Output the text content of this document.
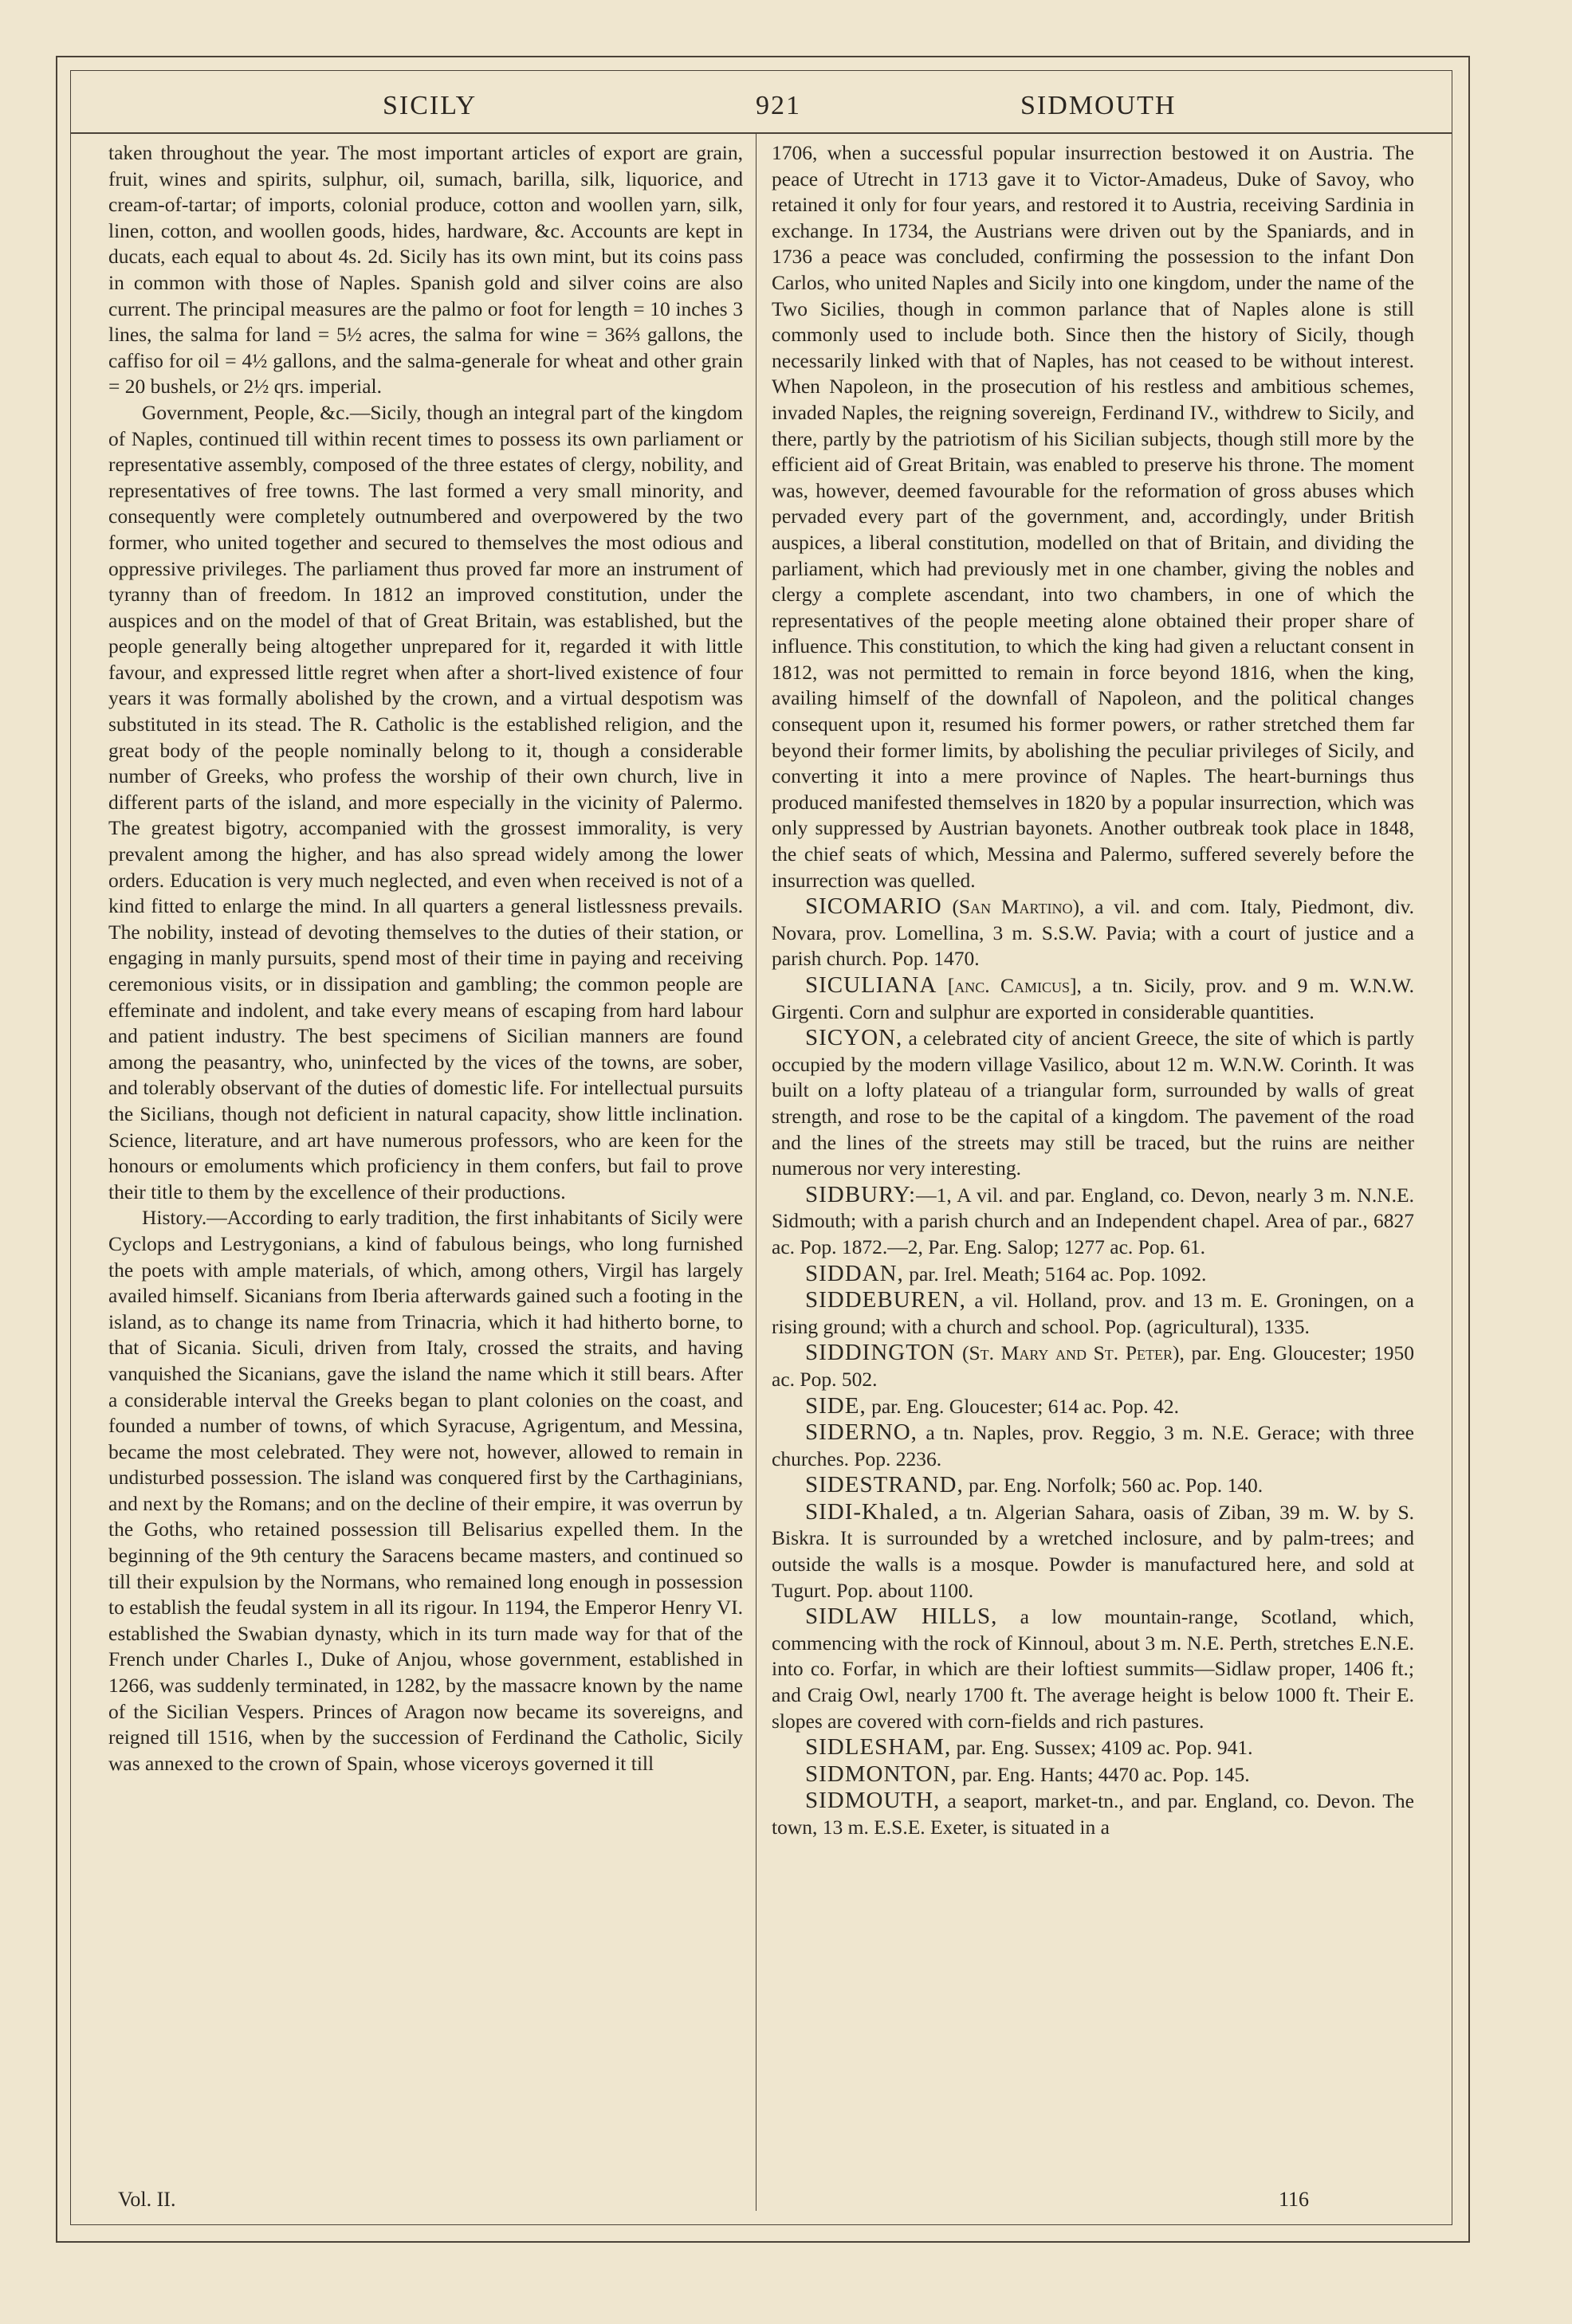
SICILY	921	SIDMOUTH

taken throughout the year. The most important articles of export are grain, fruit, wines and spirits, sulphur, oil, sumach, barilla, silk, liquorice, and cream-of-tartar; of imports, colonial produce, cotton and woollen yarn, silk, linen, cotton, and woollen goods, hides, hardware, &c. Accounts are kept in ducats, each equal to about 4s. 2d. Sicily has its own mint, but its coins pass in common with those of Naples. Spanish gold and silver coins are also current. The principal measures are the palmo or foot for length = 10 inches 3 lines, the salma for land = 5½ acres, the salma for wine = 36⅔ gallons, the caffiso for oil = 4½ gallons, and the salma-generale for wheat and other grain = 20 bushels, or 2½ qrs. imperial.

Government, People, &c.—Sicily, though an integral part of the kingdom of Naples, continued till within recent times to possess its own parliament or representative assembly, composed of the three estates of clergy, nobility, and representatives of free towns. The last formed a very small minority, and consequently were completely outnumbered and overpowered by the two former, who united together and secured to themselves the most odious and oppressive privileges. The parliament thus proved far more an instrument of tyranny than of freedom. In 1812 an improved constitution, under the auspices and on the model of that of Great Britain, was established, but the people generally being altogether unprepared for it, regarded it with little favour, and expressed little regret when after a short-lived existence of four years it was formally abolished by the crown, and a virtual despotism was substituted in its stead. The R. Catholic is the established religion, and the great body of the people nominally belong to it, though a considerable number of Greeks, who profess the worship of their own church, live in different parts of the island, and more especially in the vicinity of Palermo. The greatest bigotry, accompanied with the grossest immorality, is very prevalent among the higher, and has also spread widely among the lower orders. Education is very much neglected, and even when received is not of a kind fitted to enlarge the mind. In all quarters a general listlessness prevails. The nobility, instead of devoting themselves to the duties of their station, or engaging in manly pursuits, spend most of their time in paying and receiving ceremonious visits, or in dissipation and gambling; the common people are effeminate and indolent, and take every means of escaping from hard labour and patient industry. The best specimens of Sicilian manners are found among the peasantry, who, uninfected by the vices of the towns, are sober, and tolerably observant of the duties of domestic life. For intellectual pursuits the Sicilians, though not deficient in natural capacity, show little inclination. Science, literature, and art have numerous professors, who are keen for the honours or emoluments which proficiency in them confers, but fail to prove their title to them by the excellence of their productions.

History.—According to early tradition, the first inhabitants of Sicily were Cyclops and Lestrygonians, a kind of fabulous beings, who long furnished the poets with ample materials, of which, among others, Virgil has largely availed himself. Sicanians from Iberia afterwards gained such a footing in the island, as to change its name from Trinacria, which it had hitherto borne, to that of Sicania. Siculi, driven from Italy, crossed the straits, and having vanquished the Sicanians, gave the island the name which it still bears. After a considerable interval the Greeks began to plant colonies on the coast, and founded a number of towns, of which Syracuse, Agrigentum, and Messina, became the most celebrated. They were not, however, allowed to remain in undisturbed possession. The island was conquered first by the Carthaginians, and next by the Romans; and on the decline of their empire, it was overrun by the Goths, who retained possession till Belisarius expelled them. In the beginning of the 9th century the Saracens became masters, and continued so till their expulsion by the Normans, who remained long enough in possession to establish the feudal system in all its rigour. In 1194, the Emperor Henry VI. established the Swabian dynasty, which in its turn made way for that of the French under Charles I., Duke of Anjou, whose government, established in 1266, was suddenly terminated, in 1282, by the massacre known by the name of the Sicilian Vespers. Princes of Aragon now became its sovereigns, and reigned till 1516, when by the succession of Ferdinand the Catholic, Sicily was annexed to the crown of Spain, whose viceroys governed it till

1706, when a successful popular insurrection bestowed it on Austria. The peace of Utrecht in 1713 gave it to Victor-Amadeus, Duke of Savoy, who retained it only for four years, and restored it to Austria, receiving Sardinia in exchange. In 1734, the Austrians were driven out by the Spaniards, and in 1736 a peace was concluded, confirming the possession to the infant Don Carlos, who united Naples and Sicily into one kingdom, under the name of the Two Sicilies, though in common parlance that of Naples alone is still commonly used to include both. Since then the history of Sicily, though necessarily linked with that of Naples, has not ceased to be without interest. When Napoleon, in the prosecution of his restless and ambitious schemes, invaded Naples, the reigning sovereign, Ferdinand IV., withdrew to Sicily, and there, partly by the patriotism of his Sicilian subjects, though still more by the efficient aid of Great Britain, was enabled to preserve his throne. The moment was, however, deemed favourable for the reformation of gross abuses which pervaded every part of the government, and, accordingly, under British auspices, a liberal constitution, modelled on that of Britain, and dividing the parliament, which had previously met in one chamber, giving the nobles and clergy a complete ascendant, into two chambers, in one of which the representatives of the people meeting alone obtained their proper share of influence. This constitution, to which the king had given a reluctant consent in 1812, was not permitted to remain in force beyond 1816, when the king, availing himself of the downfall of Napoleon, and the political changes consequent upon it, resumed his former powers, or rather stretched them far beyond their former limits, by abolishing the peculiar privileges of Sicily, and converting it into a mere province of Naples. The heart-burnings thus produced manifested themselves in 1820 by a popular insurrection, which was only suppressed by Austrian bayonets. Another outbreak took place in 1848, the chief seats of which, Messina and Palermo, suffered severely before the insurrection was quelled.

SICOMARIO (San Martino), a vil. and com. Italy, Piedmont, div. Novara, prov. Lomellina, 3 m. S.S.W. Pavia; with a court of justice and a parish church. Pop. 1470.

SICULIANA [anc. Camicus], a tn. Sicily, prov. and 9 m. W.N.W. Girgenti. Corn and sulphur are exported in considerable quantities.

SICYON, a celebrated city of ancient Greece, the site of which is partly occupied by the modern village Vasilico, about 12 m. W.N.W. Corinth. It was built on a lofty plateau of a triangular form, surrounded by walls of great strength, and rose to be the capital of a kingdom. The pavement of the road and the lines of the streets may still be traced, but the ruins are neither numerous nor very interesting.

SIDBURY:—1, A vil. and par. England, co. Devon, nearly 3 m. N.N.E. Sidmouth; with a parish church and an Independent chapel. Area of par., 6827 ac. Pop. 1872.—2, Par. Eng. Salop; 1277 ac. Pop. 61.

SIDDAN, par. Irel. Meath; 5164 ac. Pop. 1092.

SIDDEBUREN, a vil. Holland, prov. and 13 m. E. Groningen, on a rising ground; with a church and school. Pop. (agricultural), 1335.

SIDDINGTON (St. Mary and St. Peter), par. Eng. Gloucester; 1950 ac. Pop. 502.

SIDE, par. Eng. Gloucester; 614 ac. Pop. 42.

SIDERNO, a tn. Naples, prov. Reggio, 3 m. N.E. Gerace; with three churches. Pop. 2236.

SIDESTRAND, par. Eng. Norfolk; 560 ac. Pop. 140.

SIDI-Khaled, a tn. Algerian Sahara, oasis of Ziban, 39 m. W. by S. Biskra. It is surrounded by a wretched inclosure, and by palm-trees; and outside the walls is a mosque. Powder is manufactured here, and sold at Tugurt. Pop. about 1100.

SIDLAW HILLS, a low mountain-range, Scotland, which, commencing with the rock of Kinnoul, about 3 m. N.E. Perth, stretches E.N.E. into co. Forfar, in which are their loftiest summits—Sidlaw proper, 1406 ft.; and Craig Owl, nearly 1700 ft. The average height is below 1000 ft. Their E. slopes are covered with corn-fields and rich pastures.

SIDLESHAM, par. Eng. Sussex; 4109 ac. Pop. 941.

SIDMONTON, par. Eng. Hants; 4470 ac. Pop. 145.

SIDMOUTH, a seaport, market-tn., and par. England, co. Devon. The town, 13 m. E.S.E. Exeter, is situated in a

Vol. II.	116
